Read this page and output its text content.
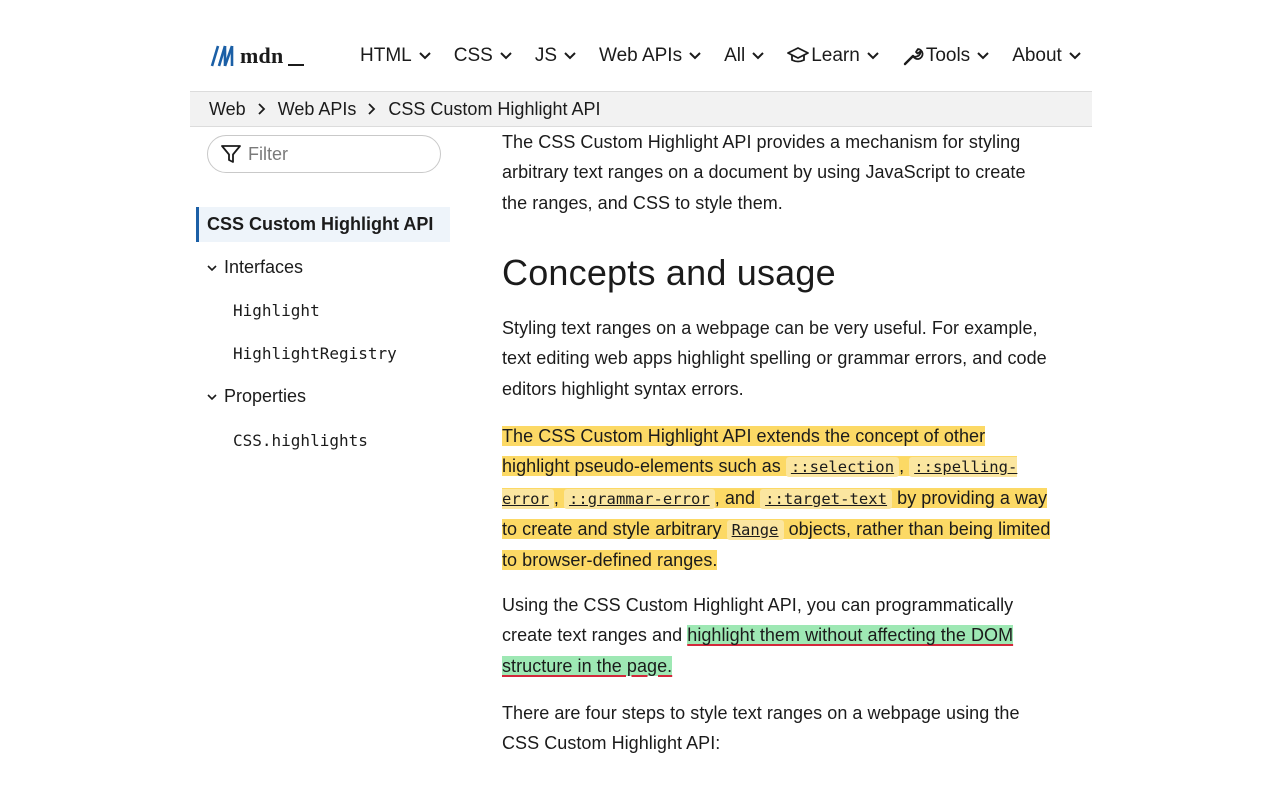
mdn	HTML CSS JS Web APIs All	Learn	Tools About
Web Web APIs CSS Custom Highlight API
Filter
CSS Custom Highlight API
Interfaces
Highlight
HighlightRegistry
Properties
CSS.highlights
The CSS Custom Highlight API provides a mechanism for styling arbitrary text ranges on a document by using JavaScript to create the ranges, and CSS to style them.
Concepts and usage
Styling text ranges on a webpage can be very useful. For example, text editing web apps highlight spelling or grammar errors, and code editors highlight syntax errors.
The CSS Custom Highlight API extends the concept of other highlight pseudo-elements such as ::selection , ::spelling-error , ::grammar-error , and ::target-text by providing a way to create and style arbitrary Range objects, rather than being limited to browser-defined ranges.
Using the CSS Custom Highlight API, you can programmatically create text ranges and highlight them without affecting the DOM structure in the page.
There are four steps to style text ranges on a webpage using the CSS Custom Highlight API:
